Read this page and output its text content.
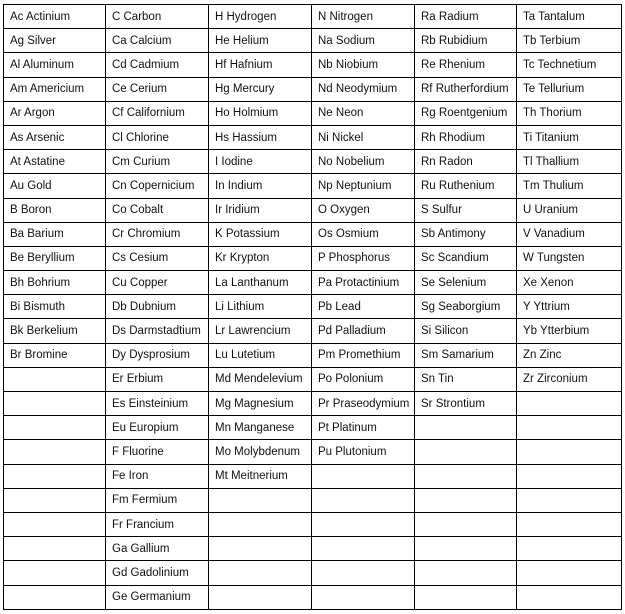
Ac Actinium	C Carbon	H Hydrogen	N Nitrogen	Ra Radium	Ta Tantalum
Ag Silver	Ca Calcium	He Helium	Na Sodium	Rb Rubidium	Tb Terbium
Al Aluminum	Cd Cadmium	Hf Hafnium	Nb Niobium	Re Rhenium	Tc Technetium
Am Americium	Ce Cerium	Hg Mercury	Nd Neodymium	Rf Rutherfordium	Te Tellurium
Ar Argon	Cf Californium	Ho Holmium	Ne Neon	Rg Roentgenium	Th Thorium
As Arsenic	Cl Chlorine	Hs Hassium	Ni Nickel	Rh Rhodium	Ti Titanium
At Astatine	Cm Curium	I Iodine	No Nobelium	Rn Radon	Tl Thallium
Au Gold	Cn Copernicium	In Indium	Np Neptunium	Ru Ruthenium	Tm Thulium
B Boron	Co Cobalt	Ir Iridium	O Oxygen	S Sulfur	U Uranium
Ba Barium	Cr Chromium	K Potassium	Os Osmium	Sb Antimony	V Vanadium
Be Beryllium	Cs Cesium	Kr Krypton	P Phosphorus	Sc Scandium	W Tungsten
Bh Bohrium	Cu Copper	La Lanthanum	Pa Protactinium	Se Selenium	Xe Xenon
Bi Bismuth	Db Dubnium	Li Lithium	Pb Lead	Sg Seaborgium	Y Yttrium
Bk Berkelium	Ds Darmstadtium	Lr Lawrencium	Pd Palladium	Si Silicon	Yb Ytterbium
Br Bromine	Dy Dysprosium	Lu Lutetium	Pm Promethium	Sm Samarium	Zn Zinc
	Er Erbium	Md Mendelevium	Po Polonium	Sn Tin	Zr Zirconium
	Es Einsteinium	Mg Magnesium	Pr Praseodymium	Sr Strontium	
	Eu Europium	Mn Manganese	Pt Platinum		
	F Fluorine	Mo Molybdenum	Pu Plutonium		
	Fe Iron	Mt Meitnerium			
	Fm Fermium				
	Fr Francium				
	Ga Gallium				
	Gd Gadolinium				
	Ge Germanium				
